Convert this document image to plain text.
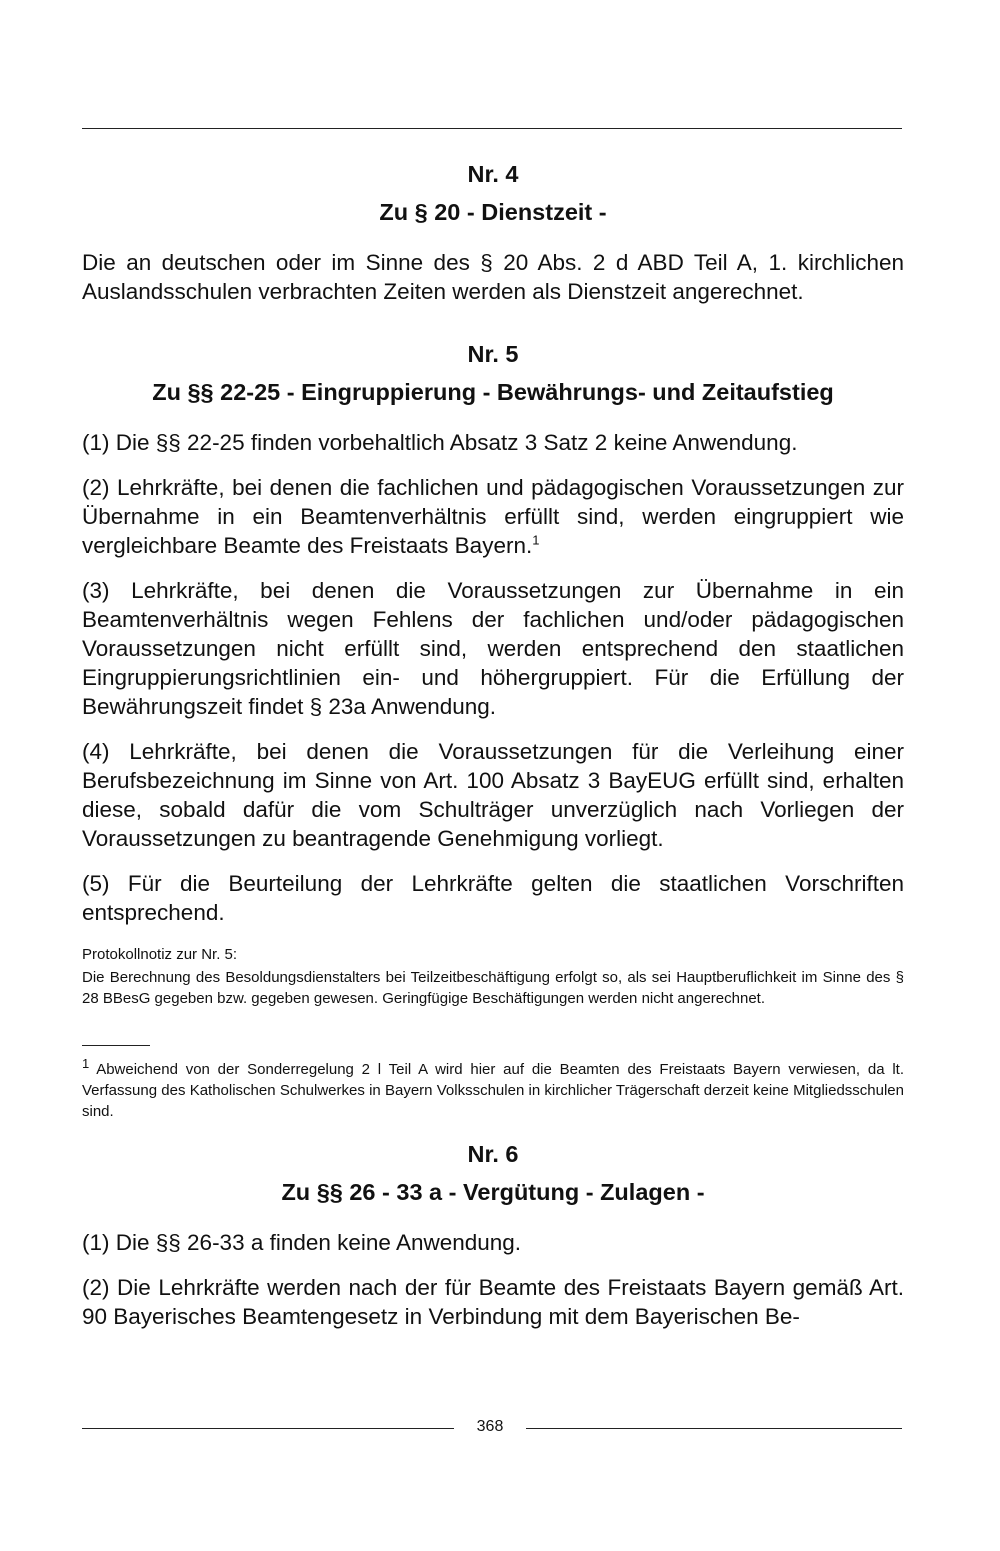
Nr. 4

Zu § 20 - Dienstzeit -

Die an deutschen oder im Sinne des § 20 Abs. 2 d ABD Teil A, 1. kirchlichen Auslandsschulen verbrachten Zeiten werden als Dienstzeit angerechnet.

Nr. 5

Zu §§ 22-25 - Eingruppierung - Bewährungs- und Zeitaufstieg

(1) Die §§ 22-25 finden vorbehaltlich Absatz 3 Satz 2 keine Anwendung.

(2) Lehrkräfte, bei denen die fachlichen und pädagogischen Voraussetzungen zur Übernahme in ein Beamtenverhältnis erfüllt sind, werden eingruppiert wie vergleichbare Beamte des Freistaats Bayern.$^1$

(3) Lehrkräfte, bei denen die Voraussetzungen zur Übernahme in ein Beamtenverhältnis wegen Fehlens der fachlichen und/oder pädagogischen Voraussetzungen nicht erfüllt sind, werden entsprechend den staatlichen Eingruppierungsrichtlinien ein- und höhergruppiert. Für die Erfüllung der Bewährungszeit findet § 23a Anwendung.

(4) Lehrkräfte, bei denen die Voraussetzungen für die Verleihung einer Berufsbezeichnung im Sinne von Art. 100 Absatz 3 BayEUG erfüllt sind, erhalten diese, sobald dafür die vom Schulträger unverzüglich nach Vorliegen der Voraussetzungen zu beantragende Genehmigung vorliegt.

(5) Für die Beurteilung der Lehrkräfte gelten die staatlichen Vorschriften entsprechend.

Protokollnotiz zur Nr. 5:

Die Berechnung des Besoldungsdienstalters bei Teilzeitbeschäftigung erfolgt so, als sei Hauptberuflichkeit im Sinne des § 28 BBesG gegeben bzw. gegeben gewesen. Geringfügige Beschäftigungen werden nicht angerechnet.

$^1$ Abweichend von der Sonderregelung 2 l Teil A wird hier auf die Beamten des Freistaats Bayern verwiesen, da lt. Verfassung des Katholischen Schulwerkes in Bayern Volksschulen in kirchlicher Trägerschaft derzeit keine Mitgliedsschulen sind.

Nr. 6

Zu §§ 26 - 33 a - Vergütung - Zulagen -

(1) Die §§ 26-33 a finden keine Anwendung.

(2) Die Lehrkräfte werden nach der für Beamte des Freistaats Bayern gemäß Art. 90 Bayerisches Beamtengesetz in Verbindung mit dem Bayerischen Be-

368
